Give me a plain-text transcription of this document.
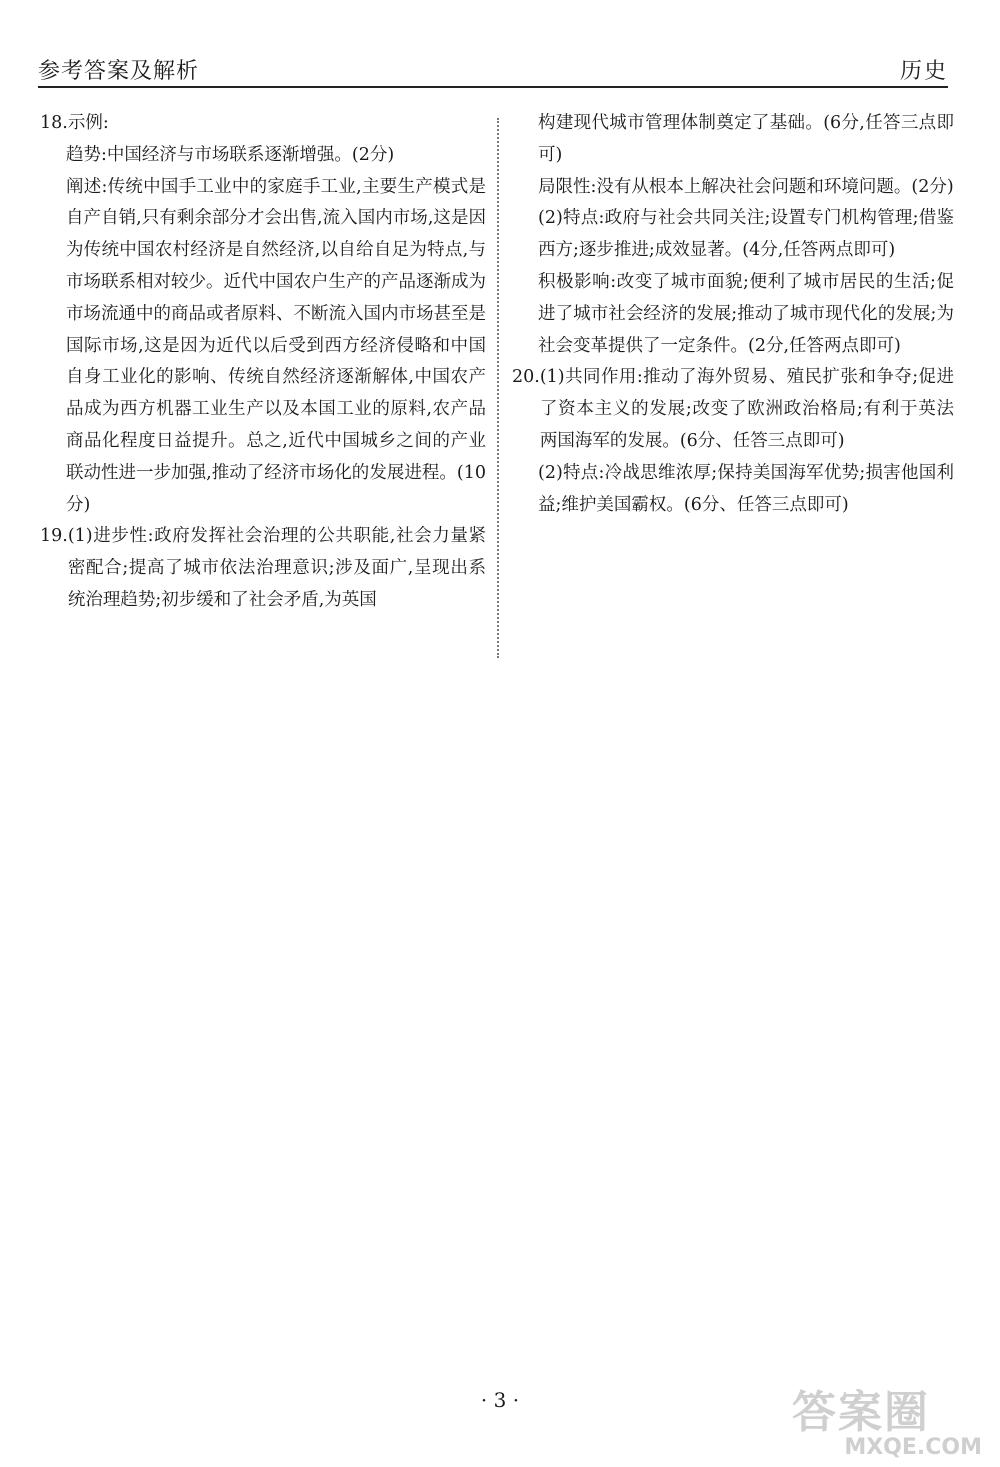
参考答案及解析	历史
18. 示例:

趋势:中国经济与市场联系逐渐增强。(2分)

阐述:传统中国手工业中的家庭手工业,主要生产模式是自产自销,只有剩余部分才会出售,流入国内市场,这是因为传统中国农村经济是自然经济,以自给自足为特点,与市场联系相对较少。近代中国农户生产的产品逐渐成为市场流通中的商品或者原料、不断流入国内市场甚至是国际市场,这是因为近代以后受到西方经济侵略和中国自身工业化的影响、传统自然经济逐渐解体,中国农产品成为西方机器工业生产以及本国工业的原料,农产品商品化程度日益提升。总之,近代中国城乡之间的产业联动性进一步加强,推动了经济市场化的发展进程。(10分)

19. (1)进步性:政府发挥社会治理的公共职能,社会力量紧密配合;提高了城市依法治理意识;涉及面广,呈现出系统治理趋势;初步缓和了社会矛盾,为英国

构建现代城市管理体制奠定了基础。(6分,任答三点即可)

局限性:没有从根本上解决社会问题和环境问题。(2分)

(2)特点:政府与社会共同关注;设置专门机构管理;借鉴西方;逐步推进;成效显著。(4分,任答两点即可)

积极影响:改变了城市面貌;便利了城市居民的生活;促进了城市社会经济的发展;推动了城市现代化的发展;为社会变革提供了一定条件。(2分,任答两点即可)

20. (1)共同作用:推动了海外贸易、殖民扩张和争夺;促进了资本主义的发展;改变了欧洲政治格局;有利于英法两国海军的发展。(6分、任答三点即可)

(2)特点:冷战思维浓厚;保持美国海军优势;损害他国利益;维护美国霸权。(6分、任答三点即可)

· 3 ·	答案圈
MXQE.COM
